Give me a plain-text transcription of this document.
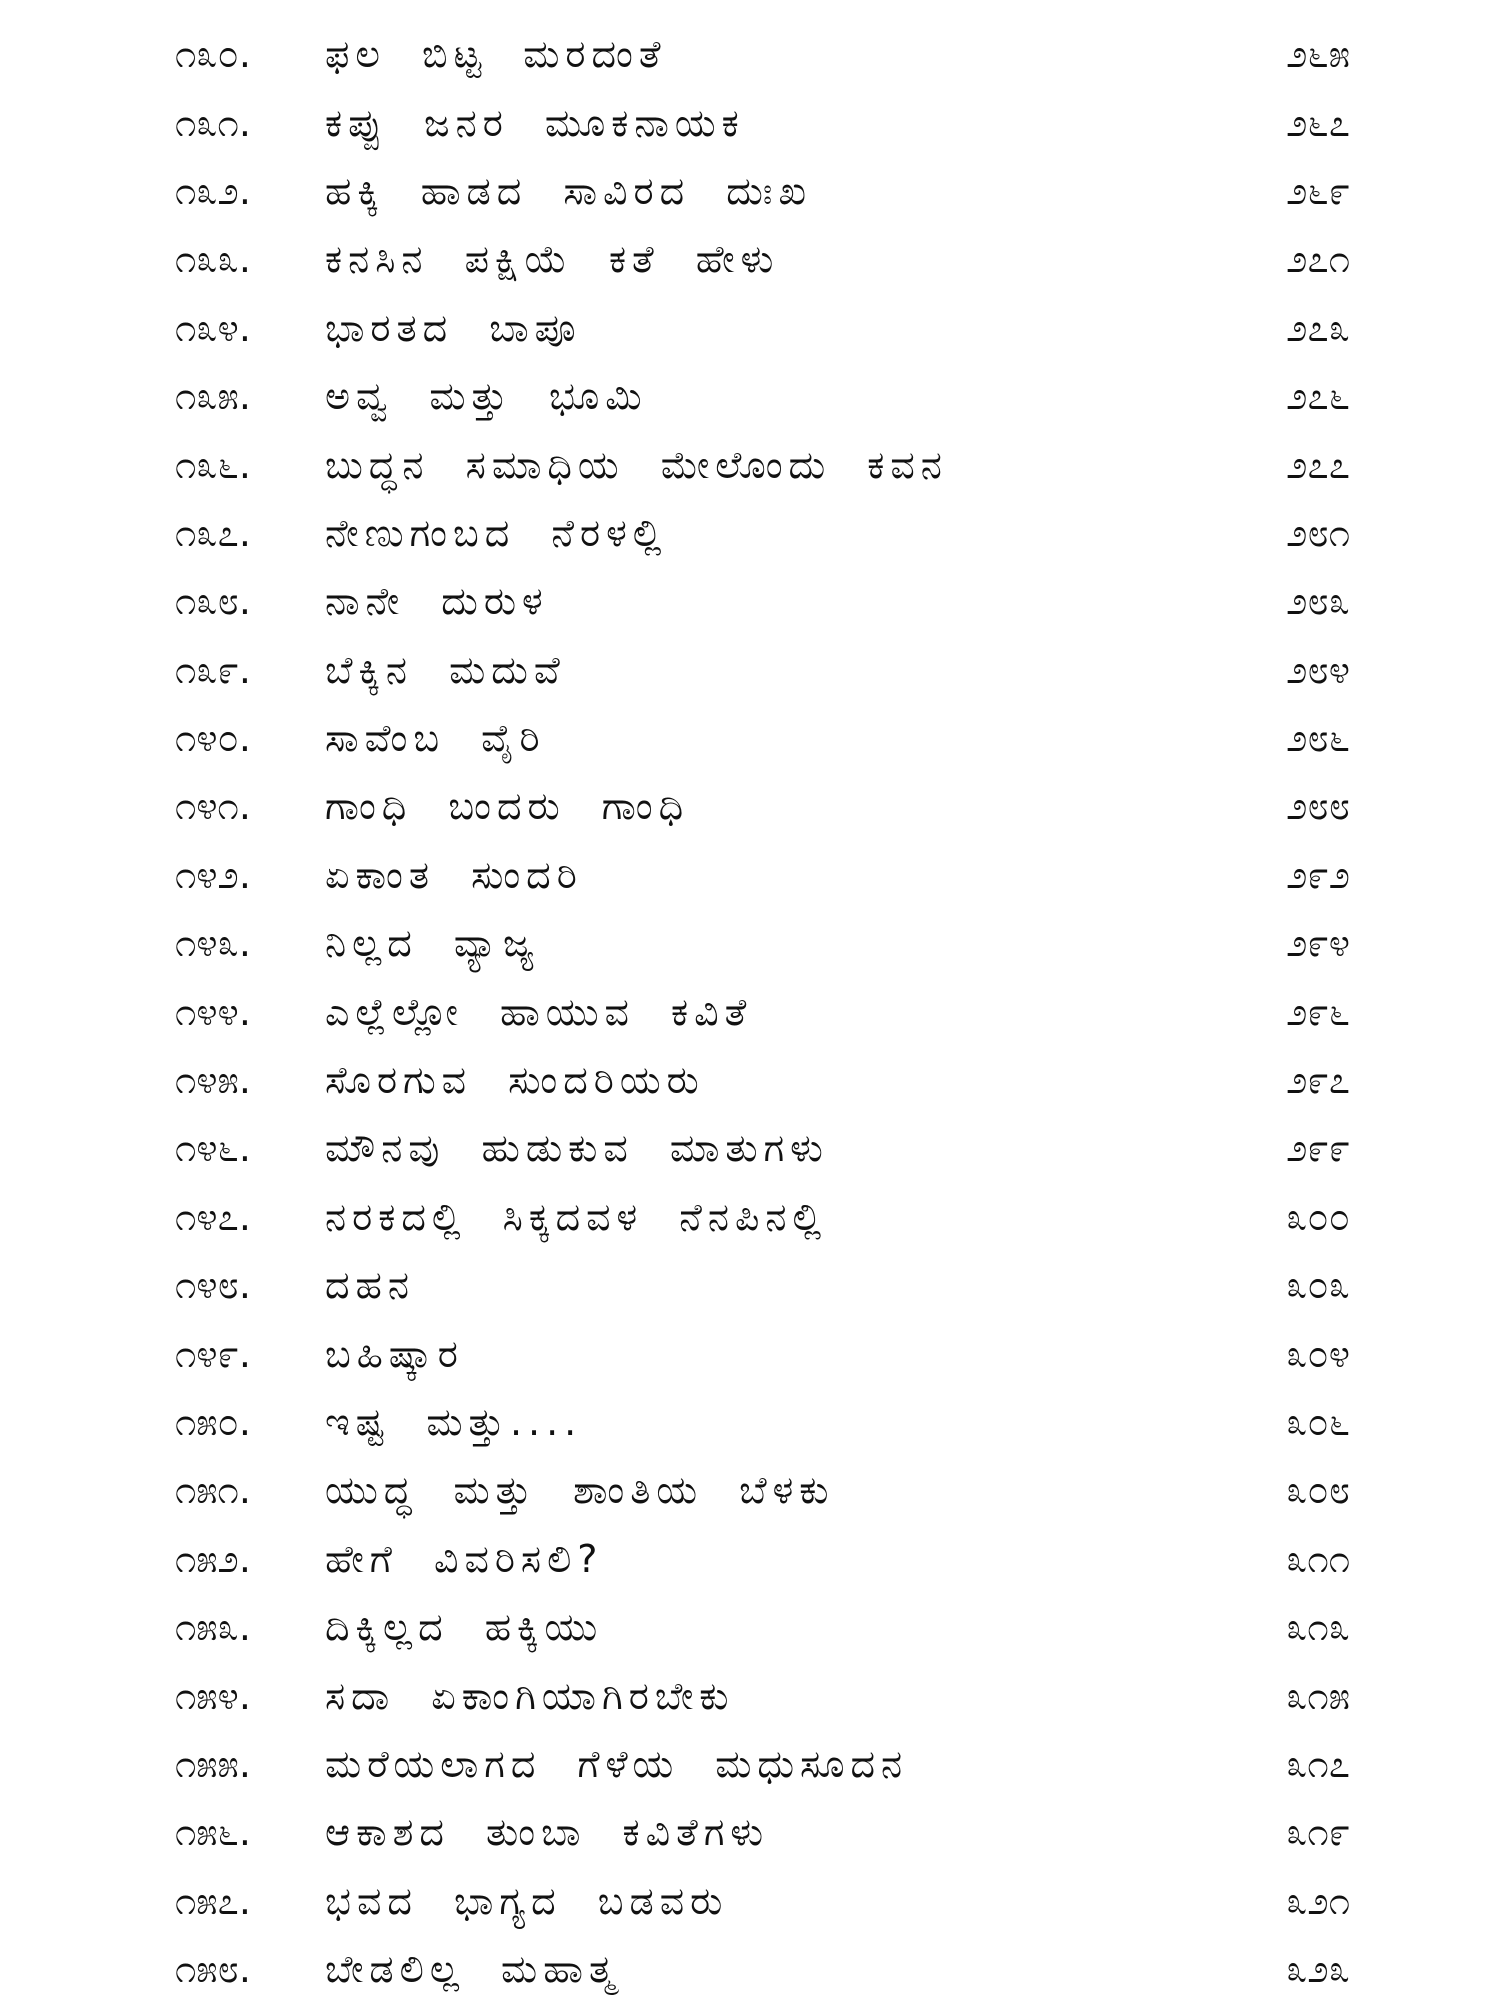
೧೩೦.	ಫಲ ಬಿಟ್ಟ ಮರದಂತೆ	೨೬೫
೧೩೧.	ಕಪ್ಪು ಜನರ ಮೂಕನಾಯಕ	೨೬೭
೧೩೨.	ಹಕ್ಕಿ ಹಾಡದ ಸಾವಿರದ ದುಃಖ	೨೬೯
೧೩೩.	ಕನಸಿನ ಪಕ್ಷಿಯೆ ಕತೆ ಹೇಳು	೨೭೧
೧೩೪.	ಭಾರತದ ಬಾಪೂ	೨೭೩
೧೩೫.	ಅವ್ವ ಮತ್ತು ಭೂಮಿ	೨೭೬
೧೩೬.	ಬುದ್ಧನ ಸಮಾಧಿಯ ಮೇಲೊಂದು ಕವನ	೨೭೭
೧೩೭.	ನೇಣುಗಂಬದ ನೆರಳಲ್ಲಿ	೨೮೧
೧೩೮.	ನಾನೇ ದುರುಳ	೨೮೩
೧೩೯.	ಬೆಕ್ಕಿನ ಮದುವೆ	೨೮೪
೧೪೦.	ಸಾವೆಂಬ ವೈರಿ	೨೮೬
೧೪೧.	ಗಾಂಧಿ ಬಂದರು ಗಾಂಧಿ	೨೮೮
೧೪೨.	ಏಕಾಂತ ಸುಂದರಿ	೨೯೨
೧೪೩.	ನಿಲ್ಲದ ವ್ಯಾಜ್ಯ	೨೯೪
೧೪೪.	ಎಲ್ಲೆಲ್ಲೋ ಹಾಯುವ ಕವಿತೆ	೨೯೬
೧೪೫.	ಸೊರಗುವ ಸುಂದರಿಯರು	೨೯೭
೧೪೬.	ಮೌನವು ಹುಡುಕುವ ಮಾತುಗಳು	೨೯೯
೧೪೭.	ನರಕದಲ್ಲಿ ಸಿಕ್ಕದವಳ ನೆನಪಿನಲ್ಲಿ	೩೦೦
೧೪೮.	ದಹನ	೩೦೩
೧೪೯.	ಬಹಿಷ್ಕಾರ	೩೦೪
೧೫೦.	ಇಷ್ಟ ಮತ್ತು....	೩೦೬
೧೫೧.	ಯುದ್ಧ ಮತ್ತು ಶಾಂತಿಯ ಬೆಳಕು	೩೦೮
೧೫೨.	ಹೇಗೆ ವಿವರಿಸಲಿ?	೩೧೧
೧೫೩.	ದಿಕ್ಕಿಲ್ಲದ ಹಕ್ಕಿಯು	೩೧೩
೧೫೪.	ಸದಾ ಏಕಾಂಗಿಯಾಗಿರಬೇಕು	೩೧೫
೧೫೫.	ಮರೆಯಲಾಗದ ಗೆಳೆಯ ಮಧುಸೂದನ	೩೧೭
೧೫೬.	ಆಕಾಶದ ತುಂಬಾ ಕವಿತೆಗಳು	೩೧೯
೧೫೭.	ಭವದ ಭಾಗ್ಯದ ಬಡವರು	೩೨೧
೧೫೮.	ಬೇಡಲಿಲ್ಲ ಮಹಾತ್ಮ	೩೨೩
